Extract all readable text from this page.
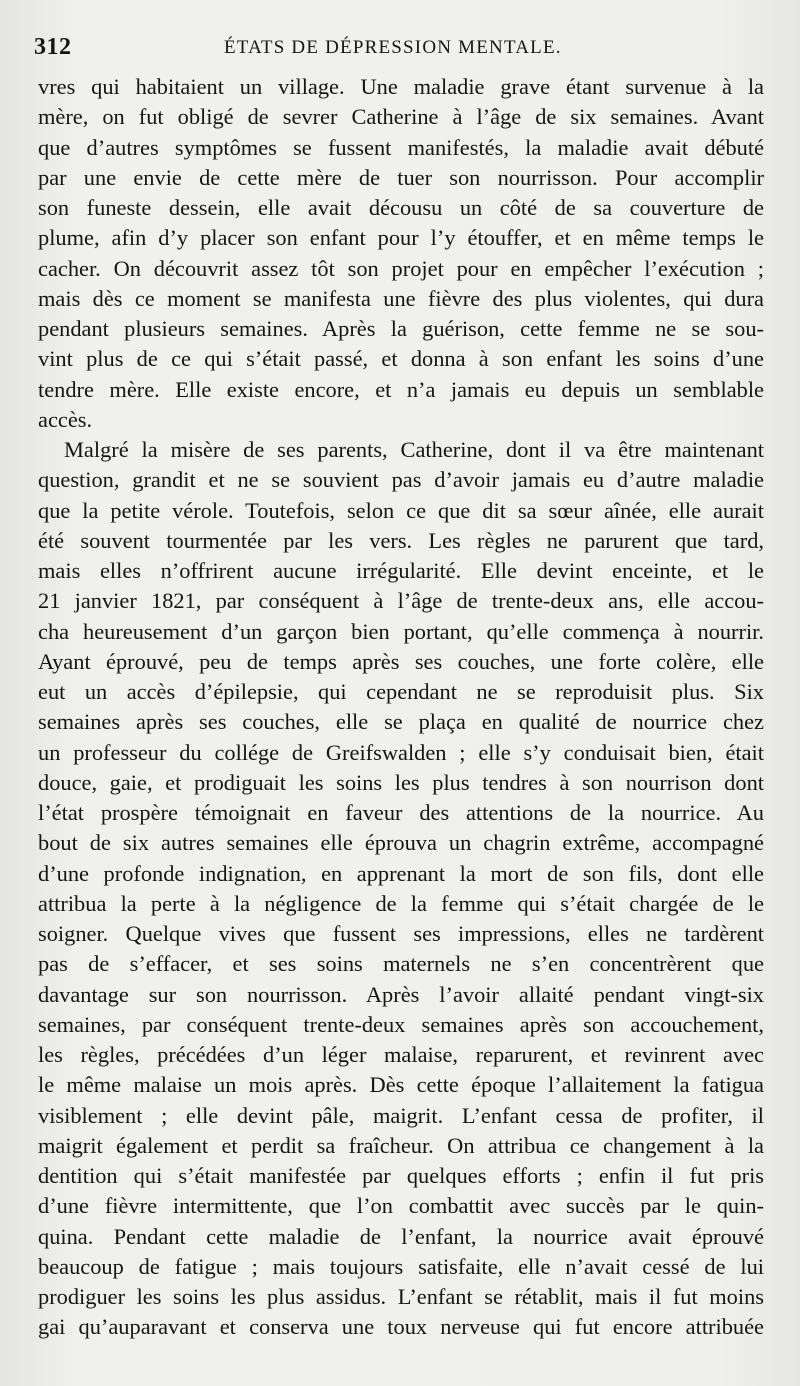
312	ÉTATS DE DÉPRESSION MENTALE.
vres qui habitaient un village. Une maladie grave étant survenue à la
mère, on fut obligé de sevrer Catherine à l’âge de six semaines. Avant
que d’autres symptômes se fussent manifestés, la maladie avait débuté
par une envie de cette mère de tuer son nourrisson. Pour accomplir
son funeste dessein, elle avait décousu un côté de sa couverture de
plume, afin d’y placer son enfant pour l’y étouffer, et en même temps le
cacher. On découvrit assez tôt son projet pour en empêcher l’exécution ;
mais dès ce moment se manifesta une fièvre des plus violentes, qui dura
pendant plusieurs semaines. Après la guérison, cette femme ne se sou-
vint plus de ce qui s’était passé, et donna à son enfant les soins d’une
tendre mère. Elle existe encore, et n’a jamais eu depuis un semblable
accès.
Malgré la misère de ses parents, Catherine, dont il va être maintenant
question, grandit et ne se souvient pas d’avoir jamais eu d’autre maladie
que la petite vérole. Toutefois, selon ce que dit sa sœur aînée, elle aurait
été souvent tourmentée par les vers. Les règles ne parurent que tard,
mais elles n’offrirent aucune irrégularité. Elle devint enceinte, et le
21 janvier 1821, par conséquent à l’âge de trente-deux ans, elle accou-
cha heureusement d’un garçon bien portant, qu’elle commença à nourrir.
Ayant éprouvé, peu de temps après ses couches, une forte colère, elle
eut un accès d’épilepsie, qui cependant ne se reproduisit plus. Six
semaines après ses couches, elle se plaça en qualité de nourrice chez
un professeur du collége de Greifswalden ; elle s’y conduisait bien, était
douce, gaie, et prodiguait les soins les plus tendres à son nourrison dont
l’état prospère témoignait en faveur des attentions de la nourrice. Au
bout de six autres semaines elle éprouva un chagrin extrême, accompagné
d’une profonde indignation, en apprenant la mort de son fils, dont elle
attribua la perte à la négligence de la femme qui s’était chargée de le
soigner. Quelque vives que fussent ses impressions, elles ne tardèrent
pas de s’effacer, et ses soins maternels ne s’en concentrèrent que
davantage sur son nourrisson. Après l’avoir allaité pendant vingt-six
semaines, par conséquent trente-deux semaines après son accouchement,
les règles, précédées d’un léger malaise, reparurent, et revinrent avec
le même malaise un mois après. Dès cette époque l’allaitement la fatigua
visiblement ; elle devint pâle, maigrit. L’enfant cessa de profiter, il
maigrit également et perdit sa fraîcheur. On attribua ce changement à la
dentition qui s’était manifestée par quelques efforts ; enfin il fut pris
d’une fièvre intermittente, que l’on combattit avec succès par le quin-
quina. Pendant cette maladie de l’enfant, la nourrice avait éprouvé
beaucoup de fatigue ; mais toujours satisfaite, elle n’avait cessé de lui
prodiguer les soins les plus assidus. L’enfant se rétablit, mais il fut moins
gai qu’auparavant et conserva une toux nerveuse qui fut encore attribuée
